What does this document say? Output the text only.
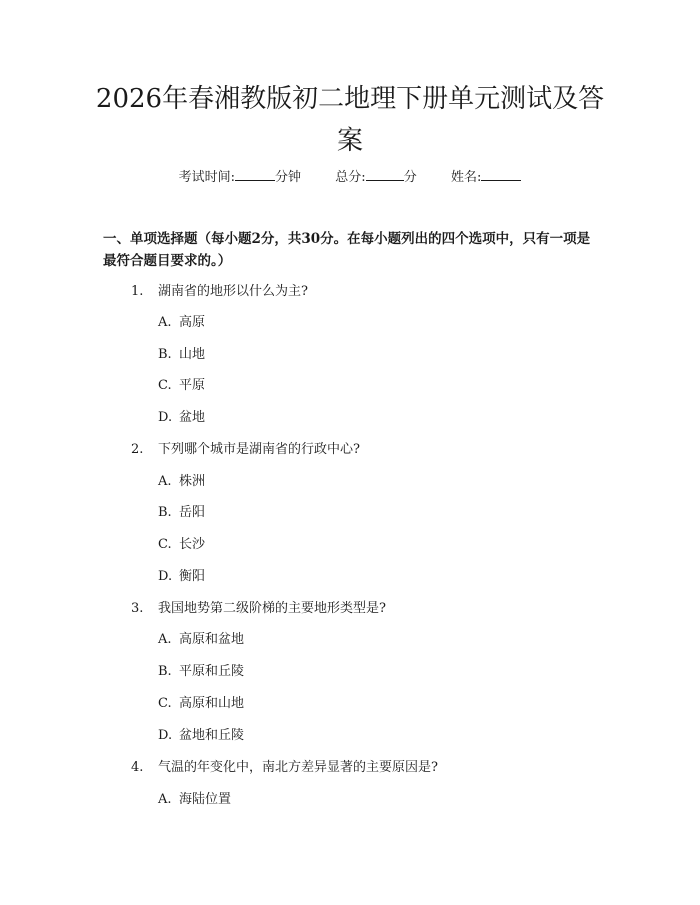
2026年春湘教版初二地理下册单元测试及答案
考试时间:	分钟	总分:	分	姓名:

一、单项选择题（每小题2分，共30分。在每小题列出的四个选项中，只有一项是最符合题目要求的。）

1. 湖南省的地形以什么为主?
A. 高原
B. 山地
C. 平原
D. 盆地
2. 下列哪个城市是湖南省的行政中心?
A. 株洲
B. 岳阳
C. 长沙
D. 衡阳
3. 我国地势第二级阶梯的主要地形类型是?
A. 高原和盆地
B. 平原和丘陵
C. 高原和山地
D. 盆地和丘陵
4. 气温的年变化中，南北方差异显著的主要原因是?
A. 海陆位置
